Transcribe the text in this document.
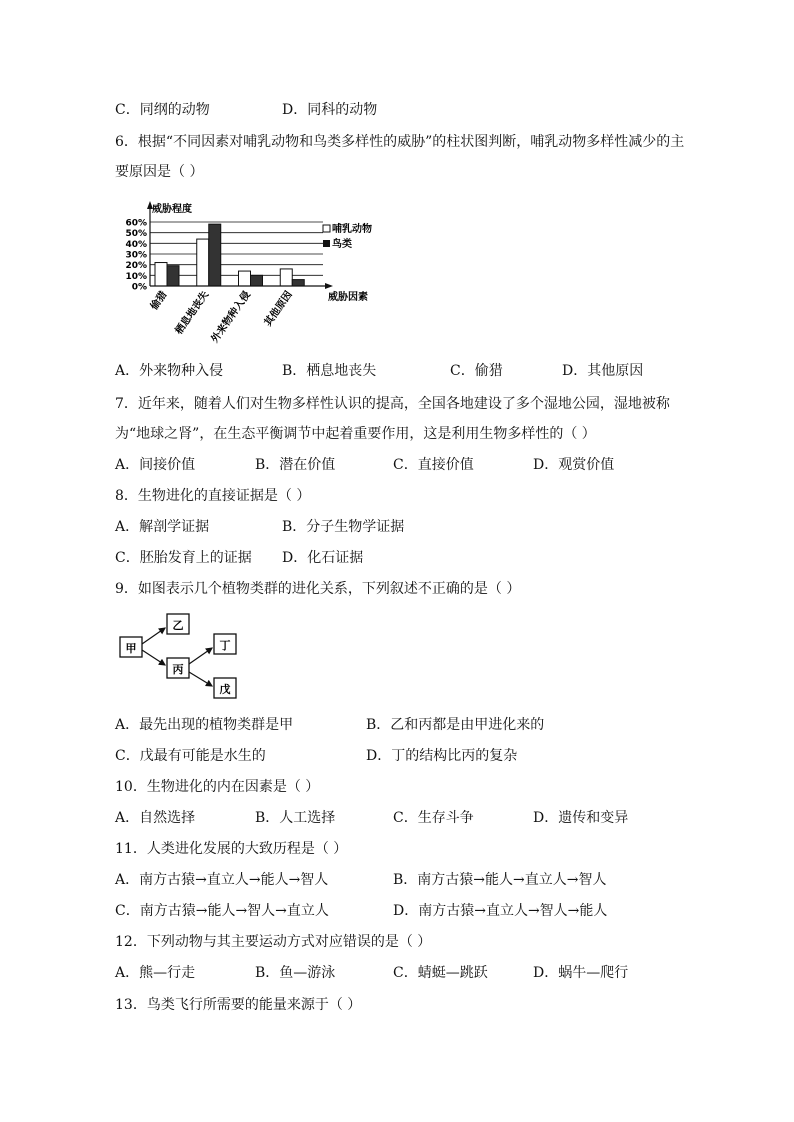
C．同纲的动物	D．同科的动物
6．根据“不同因素对哺乳动物和鸟类多样性的威胁”的柱状图判断，哺乳动物多样性减少的主
要原因是（ ）
0%
10%
20%
30%
40%
50%
60%
偷猎 栖息地丧失
外来物种入侵 其他原因
威胁程度
威胁因素
哺乳动物
鸟类
A．外来物种入侵	B．栖息地丧失	C．偷猎	D．其他原因
7．近年来，随着人们对生物多样性认识的提高，全国各地建设了多个湿地公园，湿地被称
为“地球之肾”，在生态平衡调节中起着重要作用，这是利用生物多样性的（ ）
A．间接价值	B．潜在价值	C．直接价值	D．观赏价值
8．生物进化的直接证据是（ ）
A．解剖学证据	B．分子生物学证据
C．胚胎发育上的证据 D．化石证据
9．如图表示几个植物类群的进化关系，下列叙述不正确的是（ ）
甲
乙
丙
丁
戊
A．最先出现的植物类群是甲	B．乙和丙都是由甲进化来的
C．戊最有可能是水生的	D．丁的结构比丙的复杂
10．生物进化的内在因素是（ ）
A．自然选择	B．人工选择	C．生存斗争	D．遗传和变异
11．人类进化发展的大致历程是（ ）
A．南方古猿→直立人→能人→智人	B．南方古猿→能人→直立人→智人
C．南方古猿→能人→智人→直立人	D．南方古猿→直立人→智人→能人
12．下列动物与其主要运动方式对应错误的是（ ）
A．熊—行走	B．鱼—游泳	C．蜻蜓—跳跃	D．蜗牛—爬行
13．鸟类飞行所需要的能量来源于（ ）
